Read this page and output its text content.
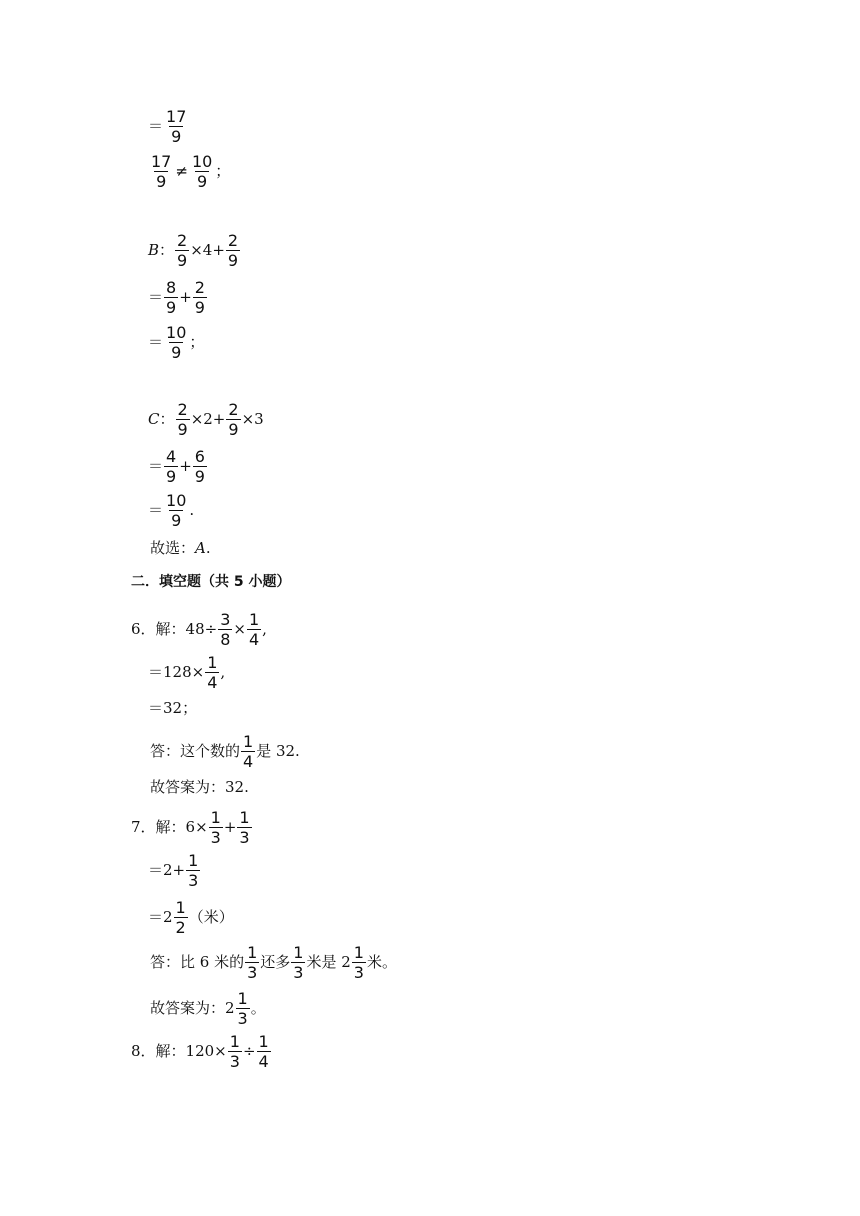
＝ $\frac{17}{9}$
$\frac{17}{9} \ne \frac{10}{9}$ ；
B ： $\frac{2}{9} \times 4+ \frac{2}{9}$
＝ $\frac{8}{9} + \frac{2}{9}$
＝ $\frac{10}{9}$ ；
C ： $\frac{2}{9} \times 2+ \frac{2}{9} \times 3$
＝ $\frac{4}{9} + \frac{6}{9}$
＝ $\frac{10}{9}$ .
故选： A .
二．填空题（共 5 小题）
6．解：$48\div \frac{3}{8} \times \frac{1}{4}$ ,
$=128\times \frac{1}{4}$ ,
＝32；
答：这个数的 $\frac{1}{4}$ 是 32.
故答案为：32.
7．解：$6\times \frac{1}{3} + \frac{1}{3}$
$=2+ \frac{1}{3}$
$=2 \frac{1}{2}$ （米）
答：比 6 米的 $\frac{1}{3}$ 还多 $\frac{1}{3}$ 米是 $2 \frac{1}{3}$ 米。
故答案为：$2 \frac{1}{3}$ 。
8．解：$120\times \frac{1}{3} \div \frac{1}{4}$
